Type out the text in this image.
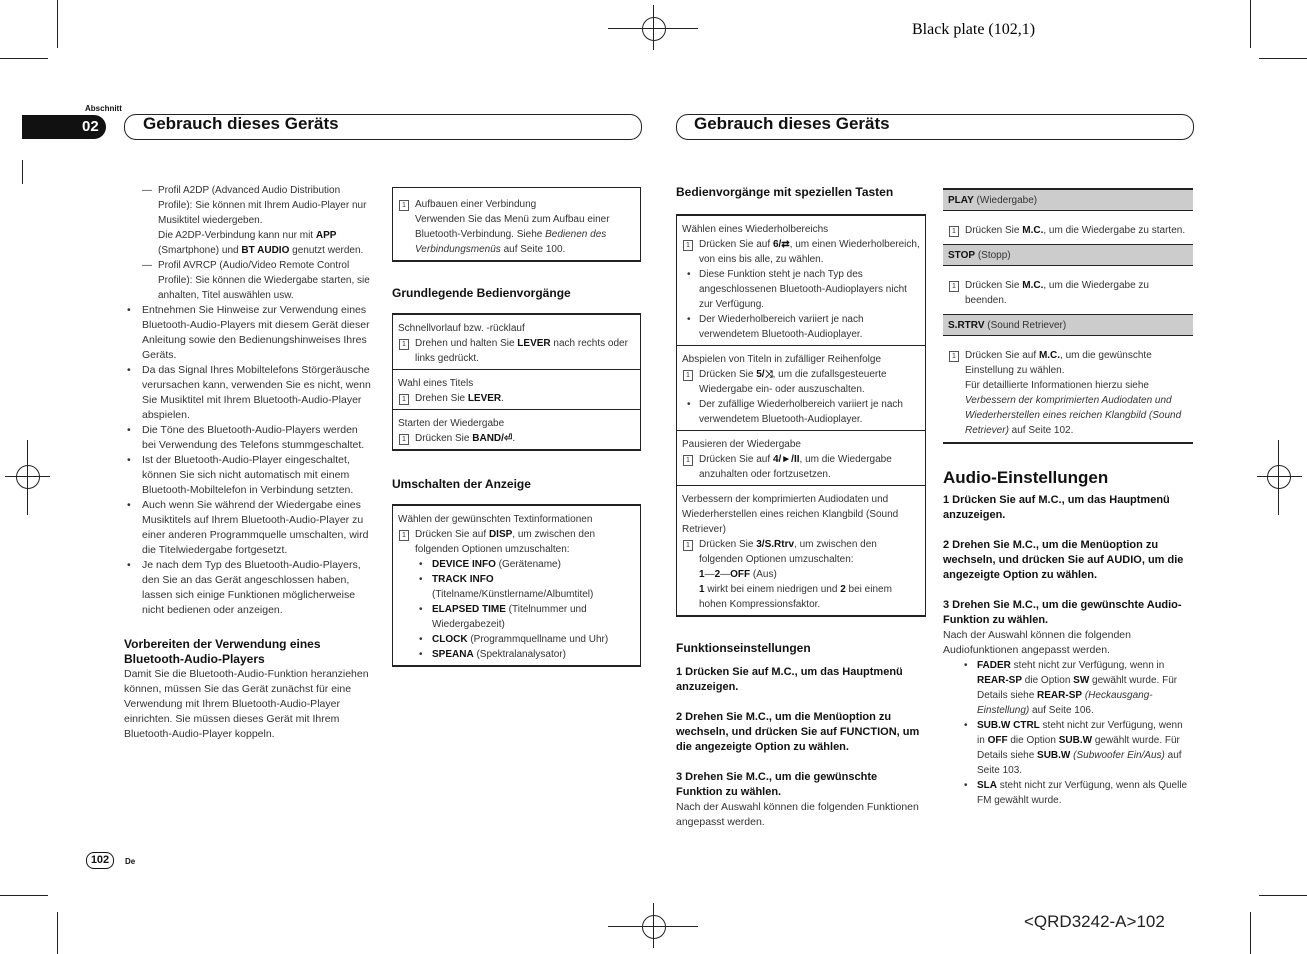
Black plate (102,1)
<QRD3242-A>102
Abschnitt
02	Gebrauch dieses Geräts	Gebrauch dieses Geräts
102	De

— Profil A2DP (Advanced Audio Distribution Profile): Sie können mit Ihrem Audio-Player nur Musiktitel wiedergeben.

Die A2DP-Verbindung kann nur mit APP (Smartphone) und BT AUDIO genutzt werden.

— Profil AVRCP (Audio/Video Remote Control Profile): Sie können die Wiedergabe starten, sie anhalten, Titel auswählen usw.

• Entnehmen Sie Hinweise zur Verwendung eines Bluetooth-Audio-Players mit diesem Gerät dieser Anleitung sowie den Bedienungshinweises Ihres Geräts.

• Da das Signal Ihres Mobiltelefons Störgeräusche verursachen kann, verwenden Sie es nicht, wenn Sie Musiktitel mit Ihrem Bluetooth-Audio-Player abspielen.

• Die Töne des Bluetooth-Audio-Players werden bei Verwendung des Telefons stummgeschaltet.

• Ist der Bluetooth-Audio-Player eingeschaltet, können Sie sich nicht automatisch mit einem Bluetooth-Mobiltelefon in Verbindung setzten.

• Auch wenn Sie während der Wiedergabe eines Musiktitels auf Ihrem Bluetooth-Audio-Player zu einer anderen Programmquelle umschalten, wird die Titelwiedergabe fortgesetzt.

• Je nach dem Typ des Bluetooth-Audio-Players, den Sie an das Gerät angeschlossen haben, lassen sich einige Funktionen möglicherweise nicht bedienen oder anzeigen.

Vorbereiten der Verwendung eines Bluetooth-Audio-Players

Damit Sie die Bluetooth-Audio-Funktion heranziehen können, müssen Sie das Gerät zunächst für eine Verwendung mit Ihrem Bluetooth-Audio-Player einrichten. Sie müssen dieses Gerät mit Ihrem Bluetooth-Audio-Player koppeln.

1 Aufbauen einer Verbindung

Verwenden Sie das Menü zum Aufbau einer Bluetooth-Verbindung. Siehe Bedienen des Verbindungsmenüs auf Seite 100.

Grundlegende Bedienvorgänge

Schnellvorlauf bzw. -rücklauf

1 Drehen und halten Sie LEVER nach rechts oder links gedrückt.

Wahl eines Titels

1 Drehen Sie LEVER.

Starten der Wiedergabe

1 Drücken Sie BAND/⏎.

Umschalten der Anzeige

Wählen der gewünschten Textinformationen

1 Drücken Sie auf DISP, um zwischen den folgenden Optionen umzuschalten:

• DEVICE INFO (Gerätename)

• TRACK INFO (Titelname/Künstlername/Albumtitel)

• ELAPSED TIME (Titelnummer und Wiedergabezeit)

• CLOCK (Programmquellname und Uhr)

• SPEANA (Spektralanalysator)

Bedienvorgänge mit speziellen Tasten

Wählen eines Wiederholbereichs

1 Drücken Sie auf 6/⇄, um einen Wiederholbereich, von eins bis alle, zu wählen.

• Diese Funktion steht je nach Typ des angeschlossenen Bluetooth-Audioplayers nicht zur Verfügung.

• Der Wiederholbereich variiert je nach verwendetem Bluetooth-Audioplayer.

Abspielen von Titeln in zufälliger Reihenfolge

1 Drücken Sie 5/⤨, um die zufallsgesteuerte Wiedergabe ein- oder auszuschalten.

• Der zufällige Wiederholbereich variiert je nach verwendetem Bluetooth-Audioplayer.

Pausieren der Wiedergabe

1 Drücken Sie auf 4/►/II, um die Wiedergabe anzuhalten oder fortzusetzen.

Verbessern der komprimierten Audiodaten und Wiederherstellen eines reichen Klangbild (Sound Retriever)

1 Drücken Sie 3/S.Rtrv, um zwischen den folgenden Optionen umzuschalten:

1—2—OFF (Aus)

1 wirkt bei einem niedrigen und 2 bei einem hohen Kompressionsfaktor.

Funktionseinstellungen

1 Drücken Sie auf M.C., um das Hauptmenü anzuzeigen.

2 Drehen Sie M.C., um die Menüoption zu wechseln, und drücken Sie auf FUNCTION, um die angezeigte Option zu wählen.

3 Drehen Sie M.C., um die gewünschte Funktion zu wählen.

Nach der Auswahl können die folgenden Funktionen angepasst werden.

PLAY (Wiedergabe)

1 Drücken Sie M.C., um die Wiedergabe zu starten.

STOP (Stopp)

1 Drücken Sie M.C., um die Wiedergabe zu beenden.

S.RTRV (Sound Retriever)

1 Drücken Sie auf M.C., um die gewünschte Einstellung zu wählen.

Für detaillierte Informationen hierzu siehe Verbessern der komprimierten Audiodaten und Wiederherstellen eines reichen Klangbild (Sound Retriever) auf Seite 102.

Audio-Einstellungen

1 Drücken Sie auf M.C., um das Hauptmenü anzuzeigen.

2 Drehen Sie M.C., um die Menüoption zu wechseln, und drücken Sie auf AUDIO, um die angezeigte Option zu wählen.

3 Drehen Sie M.C., um die gewünschte Audio-Funktion zu wählen.

Nach der Auswahl können die folgenden Audiofunktionen angepasst werden.

• FADER steht nicht zur Verfügung, wenn in REAR-SP die Option SW gewählt wurde. Für Details siehe REAR-SP (Heckausgang-Einstellung) auf Seite 106.

• SUB.W CTRL steht nicht zur Verfügung, wenn in OFF die Option SUB.W gewählt wurde. Für Details siehe SUB.W (Subwoofer Ein/Aus) auf Seite 103.

• SLA steht nicht zur Verfügung, wenn als Quelle FM gewählt wurde.
